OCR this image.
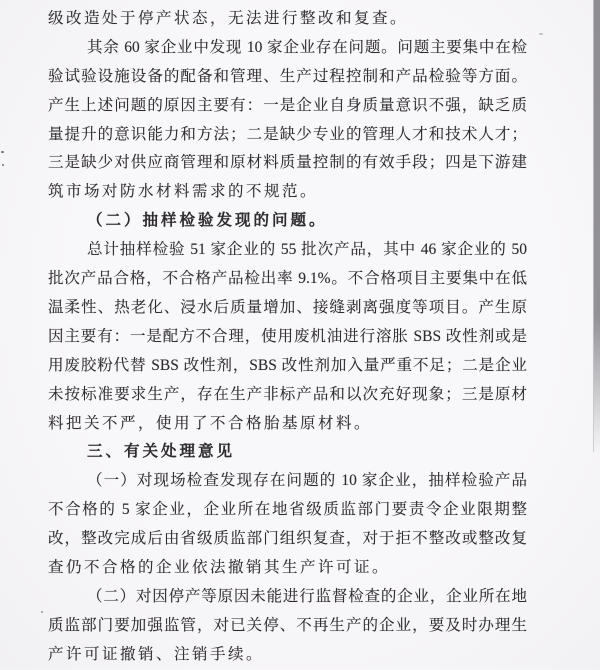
级改造处于停产状态，无法进行整改和复查。
其余 60 家企业中发现 10 家企业存在问题。问题主要集中在检
验试验设施设备的配备和管理、生产过程控制和产品检验等方面。
产生上述问题的原因主要有：一是企业自身质量意识不强，缺乏质
量提升的意识能力和方法；二是缺少专业的管理人才和技术人才；
三是缺少对供应商管理和原材料质量控制的有效手段；四是下游建
筑市场对防水材料需求的不规范。
（二）抽样检验发现的问题。
总计抽样检验 51 家企业的 55 批次产品，其中 46 家企业的 50
批次产品合格，不合格产品检出率 9.1%。不合格项目主要集中在低
温柔性、热老化、浸水后质量增加、接缝剥离强度等项目。产生原
因主要有：一是配方不合理，使用废机油进行溶胀 SBS 改性剂或是
用废胶粉代替 SBS 改性剂，SBS 改性剂加入量严重不足；二是企业
未按标准要求生产，存在生产非标产品和以次充好现象；三是原材
料把关不严，使用了不合格胎基原材料。
三、有关处理意见
（一）对现场检查发现存在问题的 10 家企业，抽样检验产品
不合格的 5 家企业，企业所在地省级质监部门要责令企业限期整
改，整改完成后由省级质监部门组织复查，对于拒不整改或整改复
查仍不合格的企业依法撤销其生产许可证。
（二）对因停产等原因未能进行监督检查的企业，企业所在地
质监部门要加强监管，对已关停、不再生产的企业，要及时办理生
产许可证撤销、注销手续。
